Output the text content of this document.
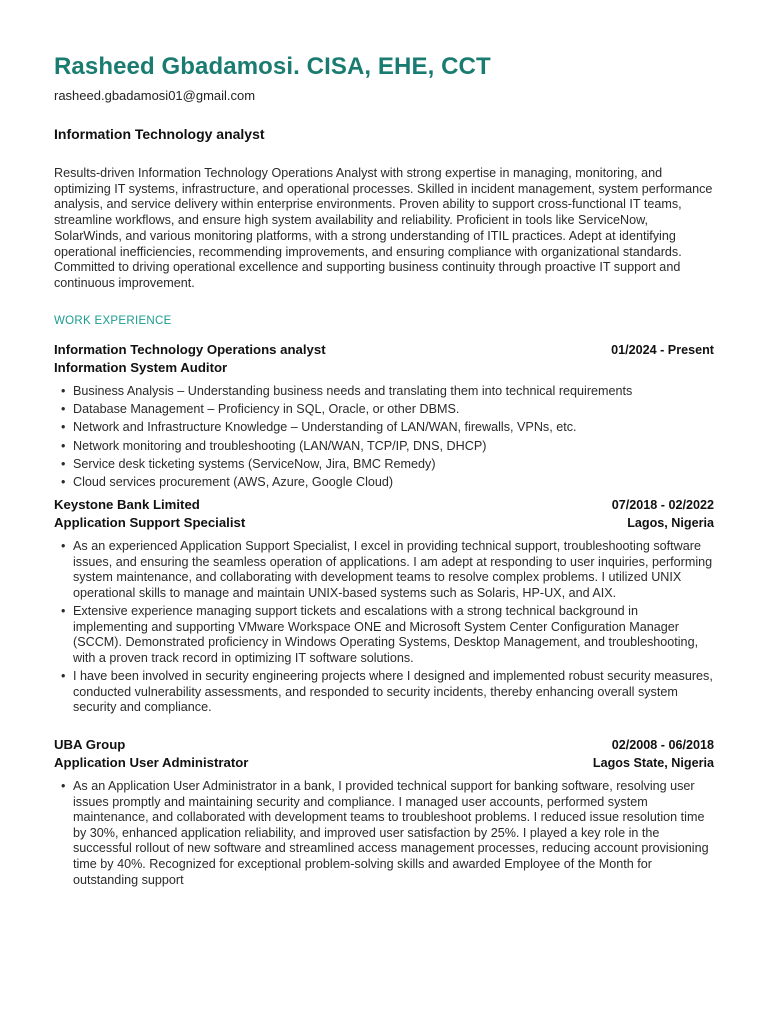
Rasheed Gbadamosi. CISA, EHE, CCT
rasheed.gbadamosi01@gmail.com
Information Technology analyst

Results-driven Information Technology Operations Analyst with strong expertise in managing, monitoring, and optimizing IT systems, infrastructure, and operational processes. Skilled in incident management, system performance analysis, and service delivery within enterprise environments. Proven ability to support cross-functional IT teams, streamline workflows, and ensure high system availability and reliability. Proficient in tools like ServiceNow, SolarWinds, and various monitoring platforms, with a strong understanding of ITIL practices. Adept at identifying operational inefficiencies, recommending improvements, and ensuring compliance with organizational standards. Committed to driving operational excellence and supporting business continuity through proactive IT support and continuous improvement.

WORK EXPERIENCE
Information Technology Operations analyst	01/2024 - Present
Information System Auditor
• Business Analysis – Understanding business needs and translating them into technical requirements
• Database Management – Proficiency in SQL, Oracle, or other DBMS.
• Network and Infrastructure Knowledge – Understanding of LAN/WAN, firewalls, VPNs, etc.
• Network monitoring and troubleshooting (LAN/WAN, TCP/IP, DNS, DHCP)
• Service desk ticketing systems (ServiceNow, Jira, BMC Remedy)
• Cloud services procurement (AWS, Azure, Google Cloud)
Keystone Bank Limited	07/2018 - 02/2022
Application Support Specialist	Lagos, Nigeria
• As an experienced Application Support Specialist, I excel in providing technical support, troubleshooting software issues, and ensuring the seamless operation of applications. I am adept at responding to user inquiries, performing system maintenance, and collaborating with development teams to resolve complex problems. I utilized UNIX operational skills to manage and maintain UNIX-based systems such as Solaris, HP-UX, and AIX.
• Extensive experience managing support tickets and escalations with a strong technical background in implementing and supporting VMware Workspace ONE and Microsoft System Center Configuration Manager (SCCM). Demonstrated proficiency in Windows Operating Systems, Desktop Management, and troubleshooting, with a proven track record in optimizing IT software solutions.
• I have been involved in security engineering projects where I designed and implemented robust security measures, conducted vulnerability assessments, and responded to security incidents, thereby enhancing overall system security and compliance.
UBA Group	02/2008 - 06/2018
Application User Administrator	Lagos State, Nigeria
• As an Application User Administrator in a bank, I provided technical support for banking software, resolving user issues promptly and maintaining security and compliance. I managed user accounts, performed system maintenance, and collaborated with development teams to troubleshoot problems. I reduced issue resolution time by 30%, enhanced application reliability, and improved user satisfaction by 25%. I played a key role in the successful rollout of new software and streamlined access management processes, reducing account provisioning time by 40%. Recognized for exceptional problem-solving skills and awarded Employee of the Month for outstanding support
